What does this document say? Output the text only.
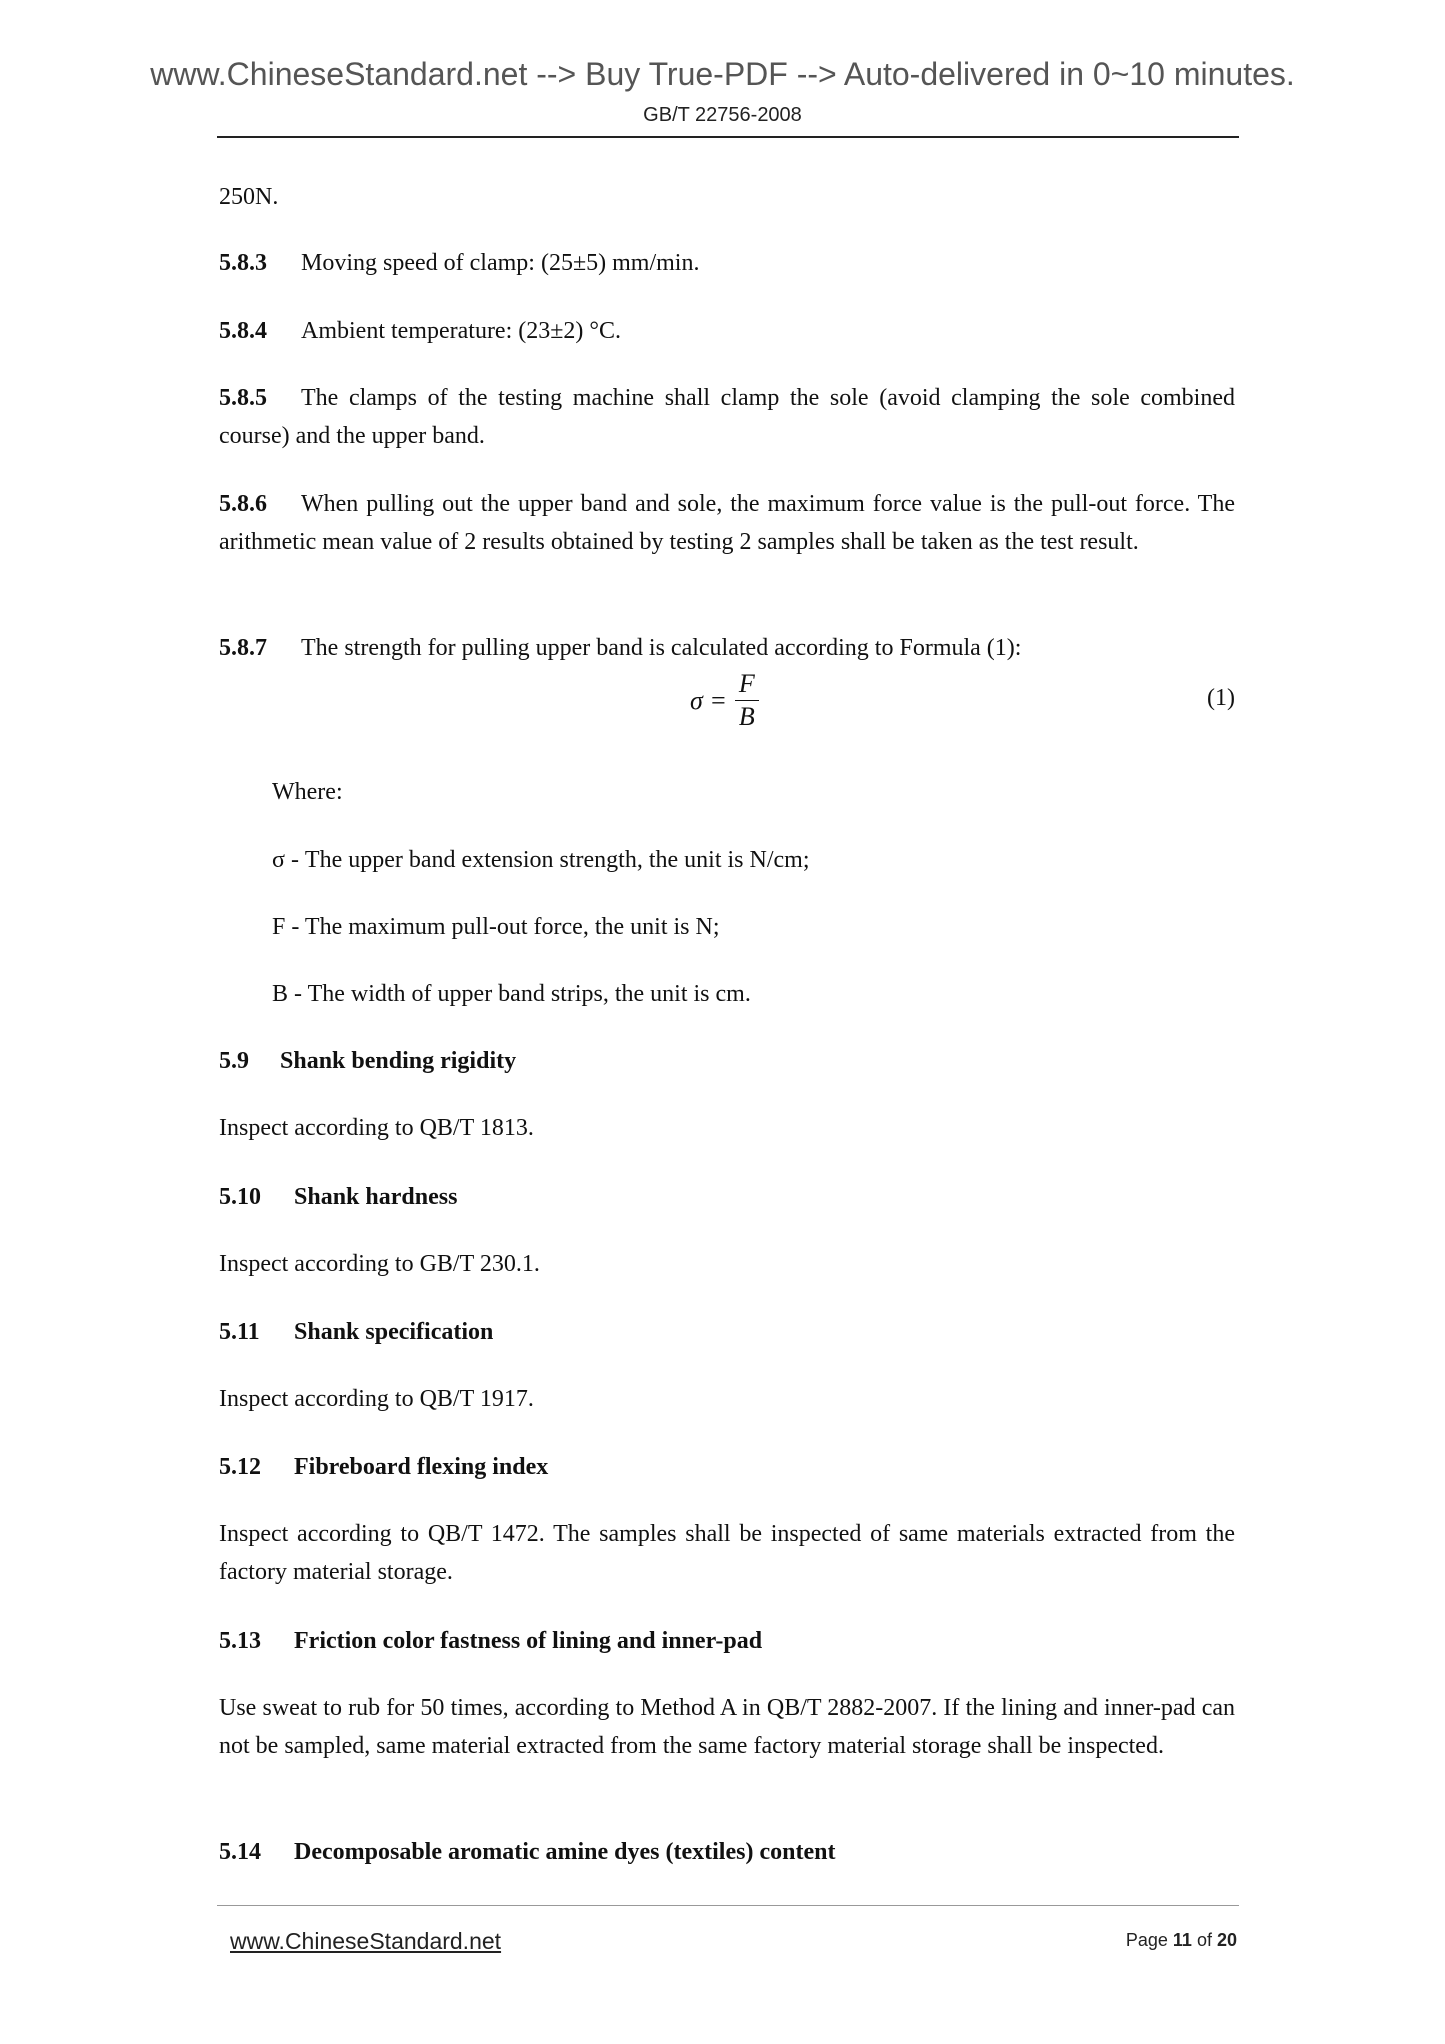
www.ChineseStandard.net --> Buy True-PDF --> Auto-delivered in 0~10 minutes.
GB/T 22756-2008
250N.
5.8.3 Moving speed of clamp: (25±5) mm/min.
5.8.4 Ambient temperature: (23±2) °C.
5.8.5 The clamps of the testing machine shall clamp the sole (avoid clamping the sole combined course) and the upper band.
5.8.6 When pulling out the upper band and sole, the maximum force value is the pull-out force. The arithmetic mean value of 2 results obtained by testing 2 samples shall be taken as the test result.
5.8.7 The strength for pulling upper band is calculated according to Formula (1):
$\sigma = \frac{F}{B}$	(1)
Where:
σ - The upper band extension strength, the unit is N/cm;
F - The maximum pull-out force, the unit is N;
B - The width of upper band strips, the unit is cm.
5.9 Shank bending rigidity
Inspect according to QB/T 1813.
5.10 Shank hardness
Inspect according to GB/T 230.1.
5.11 Shank specification
Inspect according to QB/T 1917.
5.12 Fibreboard flexing index
Inspect according to QB/T 1472. The samples shall be inspected of same materials extracted from the factory material storage.
5.13 Friction color fastness of lining and inner-pad
Use sweat to rub for 50 times, according to Method A in QB/T 2882-2007. If the lining and inner-pad can not be sampled, same material extracted from the same factory material storage shall be inspected.
5.14 Decomposable aromatic amine dyes (textiles) content
www.ChineseStandard.net	Page 11 of 20
